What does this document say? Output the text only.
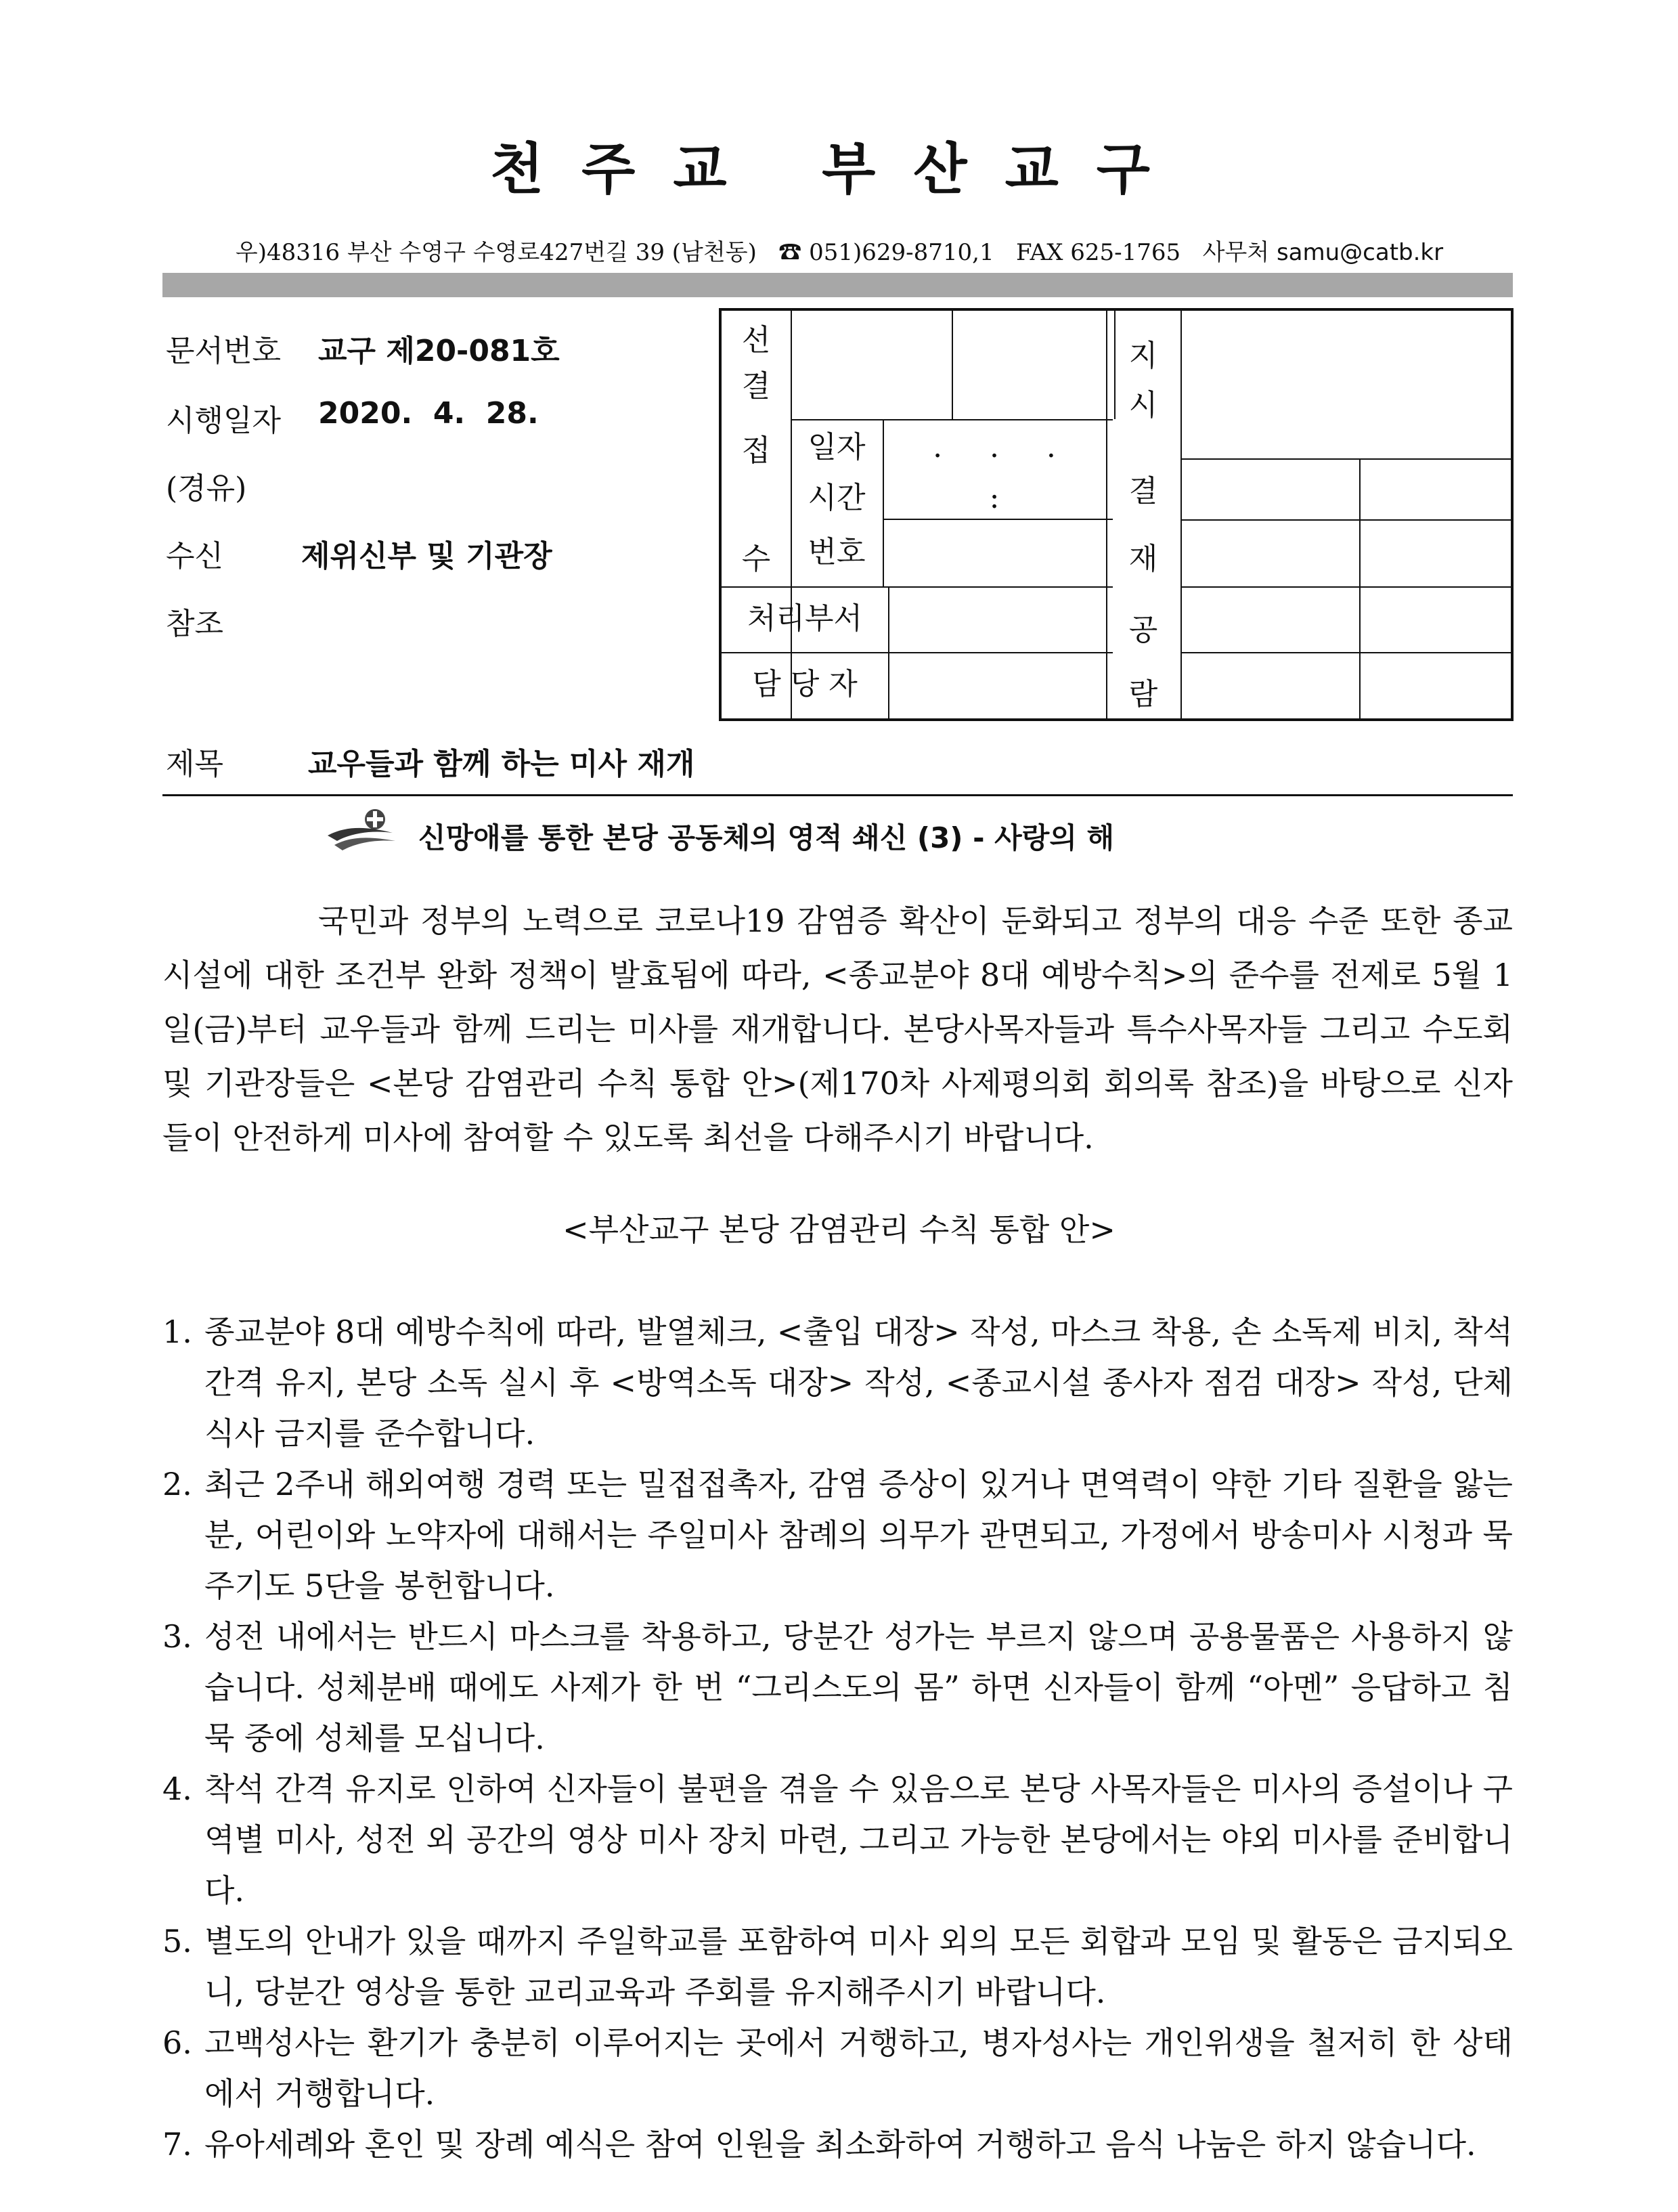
천주교 부산교구
우)48316 부산 수영구 수영로427번길 39 (남천동) ☎ 051)629-8710,1 FAX 625-1765 사무처 samu@catb.kr
문서번호 교구 제20-081호
시행일자 2020.  4.  28.
(경유)
수신	제위신부 및 기관장
참조
선
결
접
수
일자
시간
.     .     .
:
번호
처리부서
담 당 자
지
시
결
재
공
람
제목	교우들과 함께 하는 미사 재개
신망애를 통한 본당 공동체의 영적 쇄신 (3) - 사랑의 해
국민과 정부의 노력으로 코로나19 감염증 확산이 둔화되고 정부의 대응 수준 또한 종교시설에 대한 조건부 완화 정책이 발효됨에 따라, <종교분야 8대 예방수칙>의 준수를 전제로 5월 1일(금)부터 교우들과 함께 드리는 미사를 재개합니다. 본당사목자들과 특수사목자들 그리고 수도회 및 기관장들은 <본당 감염관리 수칙 통합 안>(제170차 사제평의회 회의록 참조)을 바탕으로 신자들이 안전하게 미사에 참여할 수 있도록 최선을 다해주시기 바랍니다.
<부산교구 본당 감염관리 수칙 통합 안>
1. 종교분야 8대 예방수칙에 따라, 발열체크, <출입 대장> 작성, 마스크 착용, 손 소독제 비치, 착석 간격 유지, 본당 소독 실시 후 <방역소독 대장> 작성, <종교시설 종사자 점검 대장> 작성, 단체식사 금지를 준수합니다.
2. 최근 2주내 해외여행 경력 또는 밀접접촉자, 감염 증상이 있거나 면역력이 약한 기타 질환을 앓는 분, 어린이와 노약자에 대해서는 주일미사 참례의 의무가 관면되고, 가정에서 방송미사 시청과 묵주기도 5단을 봉헌합니다.
3. 성전 내에서는 반드시 마스크를 착용하고, 당분간 성가는 부르지 않으며 공용물품은 사용하지 않습니다. 성체분배 때에도 사제가 한 번 “그리스도의 몸” 하면 신자들이 함께 “아멘” 응답하고 침묵 중에 성체를 모십니다.
4. 착석 간격 유지로 인하여 신자들이 불편을 겪을 수 있음으로 본당 사목자들은 미사의 증설이나 구역별 미사, 성전 외 공간의 영상 미사 장치 마련, 그리고 가능한 본당에서는 야외 미사를 준비합니다.
5. 별도의 안내가 있을 때까지 주일학교를 포함하여 미사 외의 모든 회합과 모임 및 활동은 금지되오니, 당분간 영상을 통한 교리교육과 주회를 유지해주시기 바랍니다.
6. 고백성사는 환기가 충분히 이루어지는 곳에서 거행하고, 병자성사는 개인위생을 철저히 한 상태에서 거행합니다.
7. 유아세례와 혼인 및 장례 예식은 참여 인원을 최소화하여 거행하고 음식 나눔은 하지 않습니다.
